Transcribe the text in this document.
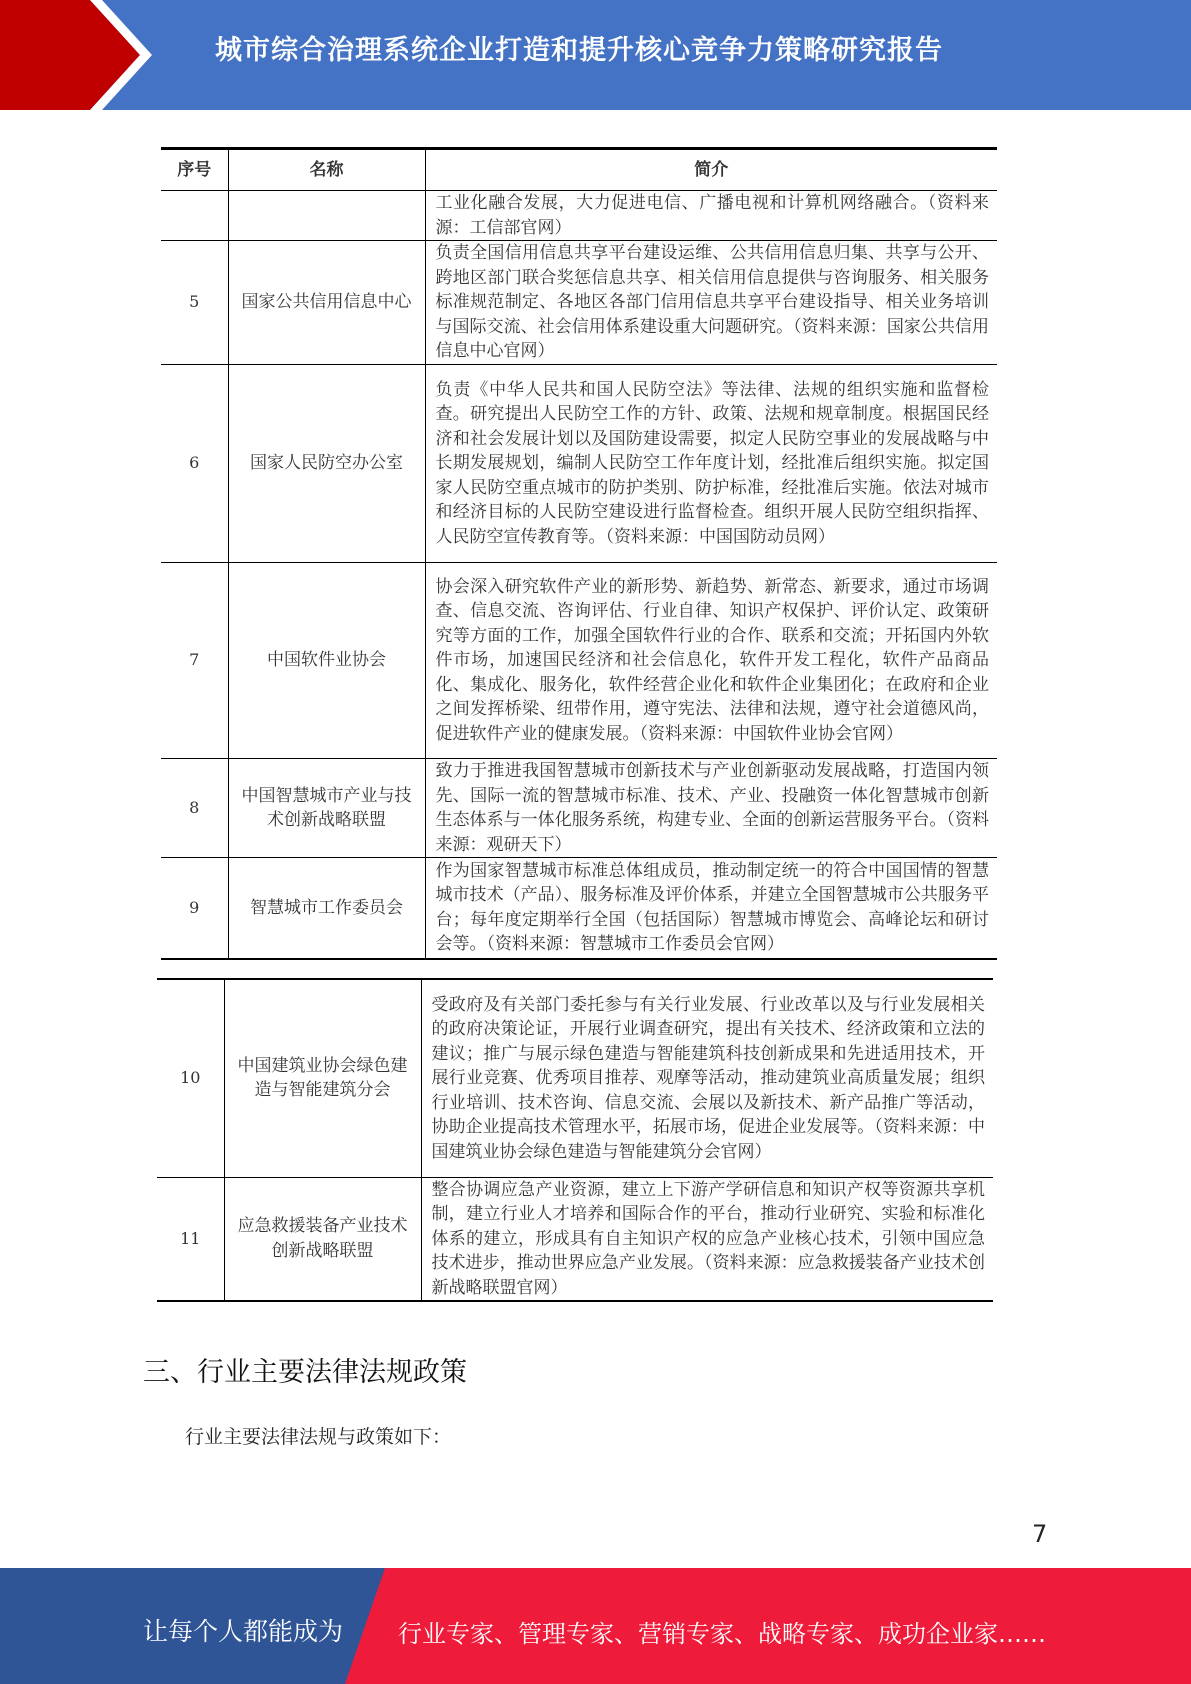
城市综合治理系统企业打造和提升核心竞争力策略研究报告
序号	名称	简介
		工业化融合发展，大力促进电信、广播电视和计算机网络融合。（资料来源：工信部官网）
5	国家公共信用信息中心	负责全国信用信息共享平台建设运维、公共信用信息归集、共享与公开、跨地区部门联合奖惩信息共享、相关信用信息提供与咨询服务、相关服务标准规范制定、各地区各部门信用信息共享平台建设指导、相关业务培训与国际交流、社会信用体系建设重大问题研究。（资料来源：国家公共信用信息中心官网）
6	国家人民防空办公室	负责《中华人民共和国人民防空法》等法律、法规的组织实施和监督检查。研究提出人民防空工作的方针、政策、法规和规章制度。根据国民经济和社会发展计划以及国防建设需要，拟定人民防空事业的发展战略与中长期发展规划，编制人民防空工作年度计划，经批准后组织实施。拟定国家人民防空重点城市的防护类别、防护标准，经批准后实施。依法对城市和经济目标的人民防空建设进行监督检查。组织开展人民防空组织指挥、人民防空宣传教育等。（资料来源：中国国防动员网）
7	中国软件业协会	协会深入研究软件产业的新形势、新趋势、新常态、新要求，通过市场调查、信息交流、咨询评估、行业自律、知识产权保护、评价认定、政策研究等方面的工作，加强全国软件行业的合作、联系和交流；开拓国内外软件市场，加速国民经济和社会信息化，软件开发工程化，软件产品商品化、集成化、服务化，软件经营企业化和软件企业集团化；在政府和企业之间发挥桥梁、纽带作用，遵守宪法、法律和法规，遵守社会道德风尚，促进软件产业的健康发展。（资料来源：中国软件业协会官网）
8	中国智慧城市产业与技术创新战略联盟	致力于推进我国智慧城市创新技术与产业创新驱动发展战略，打造国内领先、国际一流的智慧城市标准、技术、产业、投融资一体化智慧城市创新生态体系与一体化服务系统，构建专业、全面的创新运营服务平台。（资料来源：观研天下）
9	智慧城市工作委员会	作为国家智慧城市标准总体组成员，推动制定统一的符合中国国情的智慧城市技术（产品）、服务标准及评价体系，并建立全国智慧城市公共服务平台；每年度定期举行全国（包括国际）智慧城市博览会、高峰论坛和研讨会等。（资料来源：智慧城市工作委员会官网）
10	中国建筑业协会绿色建造与智能建筑分会	受政府及有关部门委托参与有关行业发展、行业改革以及与行业发展相关的政府决策论证，开展行业调查研究，提出有关技术、经济政策和立法的建议；推广与展示绿色建造与智能建筑科技创新成果和先进适用技术，开展行业竞赛、优秀项目推荐、观摩等活动，推动建筑业高质量发展；组织行业培训、技术咨询、信息交流、会展以及新技术、新产品推广等活动，协助企业提高技术管理水平，拓展市场，促进企业发展等。（资料来源：中国建筑业协会绿色建造与智能建筑分会官网）
11	应急救援装备产业技术创新战略联盟	整合协调应急产业资源，建立上下游产学研信息和知识产权等资源共享机制，建立行业人才培养和国际合作的平台，推动行业研究、实验和标准化体系的建立，形成具有自主知识产权的应急产业核心技术，引领中国应急技术进步，推动世界应急产业发展。（资料来源：应急救援装备产业技术创新战略联盟官网）
三、行业主要法律法规政策
行业主要法律法规与政策如下：
7
让每个人都能成为 行业专家、管理专家、营销专家、战略专家、成功企业家……
